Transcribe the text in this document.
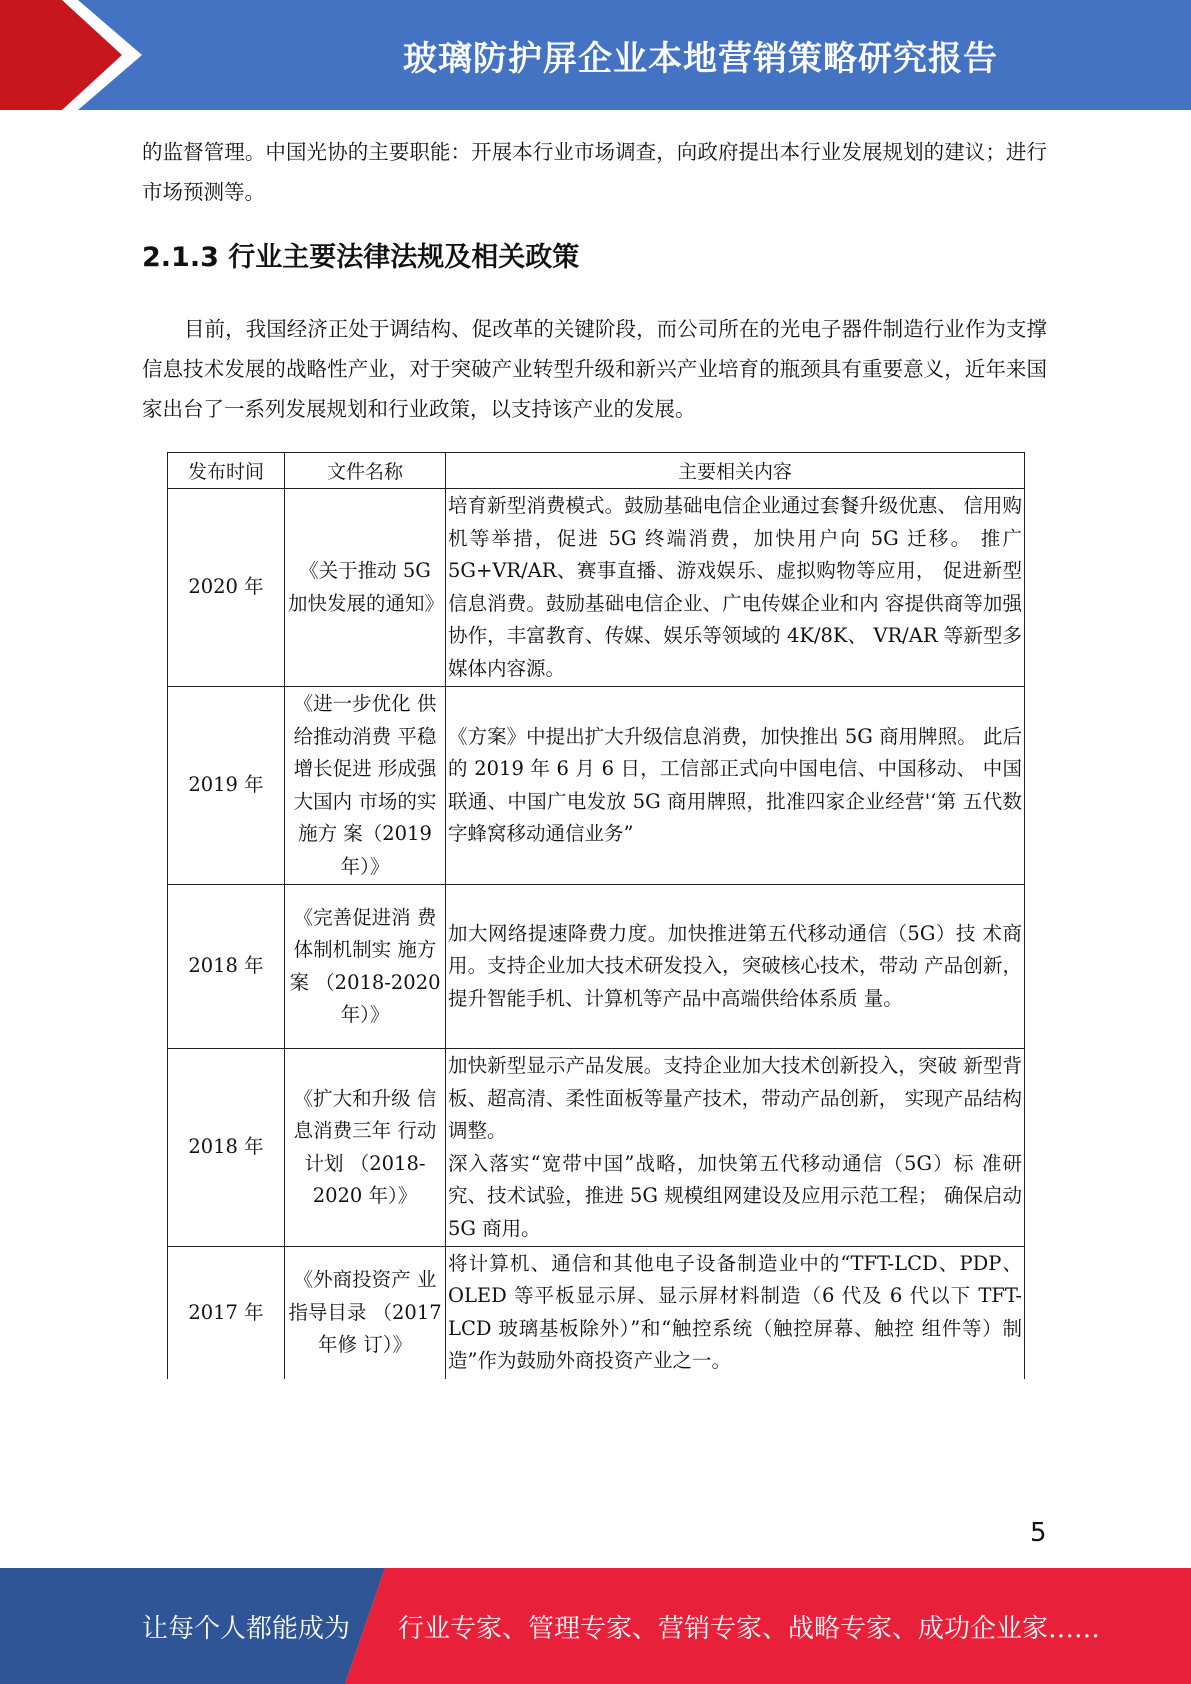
玻璃防护屏企业本地营销策略研究报告
的监督管理。中国光协的主要职能：开展本行业市场调查，向政府提出本行业发展规划的建议；进行市场预测等。
2.1.3 行业主要法律法规及相关政策
目前，我国经济正处于调结构、促改革的关键阶段，而公司所在的光电子器件制造行业作为支撑信息技术发展的战略性产业，对于突破产业转型升级和新兴产业培育的瓶颈具有重要意义，近年来国家出台了一系列发展规划和行业政策，以支持该产业的发展。
发布时间	文件名称	主要相关内容
2020 年	《关于推动 5G 加快发展的通知》	培育新型消费模式。鼓励基础电信企业通过套餐升级优惠、 信用购机等举措，促进 5G 终端消费，加快用户向 5G 迁移。 推广 5G+VR/AR、赛事直播、游戏娱乐、虚拟购物等应用， 促进新型信息消费。鼓励基础电信企业、广电传媒企业和内 容提供商等加强协作，丰富教育、传媒、娱乐等领域的 4K/8K、 VR/AR 等新型多媒体内容源。
2019 年	《进一步优化 供给推动消费 平稳增长促进 形成强大国内 市场的实施方 案（2019 年）》	《方案》中提出扩大升级信息消费，加快推出 5G 商用牌照。 此后的 2019 年 6 月 6 日，工信部正式向中国电信、中国移动、 中国联通、中国广电发放 5G 商用牌照，批准四家企业经营'‘第 五代数字蜂窝移动通信业务”
2018 年	《完善促进消 费体制机制实 施方案 （2018-2020 年）》	加大网络提速降费力度。加快推进第五代移动通信（5G）技 术商用。支持企业加大技术研发投入，突破核心技术，带动 产品创新，提升智能手机、计算机等产品中高端供给体系质 量。
2018 年	《扩大和升级 信息消费三年 行动计划 （2018-2020 年）》	加快新型显示产品发展。支持企业加大技术创新投入，突破 新型背板、超高清、柔性面板等量产技术，带动产品创新， 实现产品结构调整。
深入落实“宽带中国”战略，加快第五代移动通信（5G）标 准研究、技术试验，推进 5G 规模组网建设及应用示范工程； 确保启动 5G 商用。
2017 年	《外商投资产 业指导目录 （2017 年修 订）》	将计算机、通信和其他电子设备制造业中的“TFT-LCD、PDP、OLED 等平板显示屏、显示屏材料制造（6 代及 6 代以下 TFT-LCD 玻璃基板除外）”和“触控系统（触控屏幕、触控 组件等）制造”作为鼓励外商投资产业之一。
5
让每个人都能成为 行业专家、管理专家、营销专家、战略专家、成功企业家……
